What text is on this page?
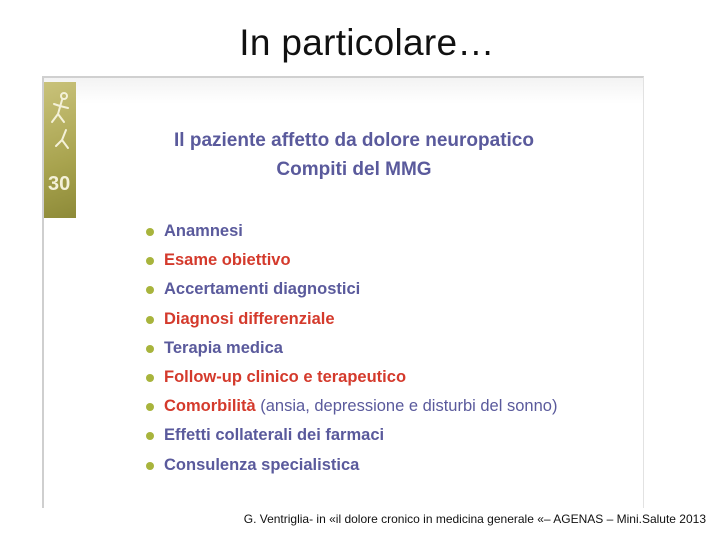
In particolare…
30
Il paziente affetto da dolore neuropatico
Compiti del MMG
Anamnesi
Esame obiettivo
Accertamenti diagnostici
Diagnosi differenziale
Terapia medica
Follow-up clinico e terapeutico
Comorbilità (ansia, depressione e disturbi del sonno)
Effetti collaterali dei farmaci
Consulenza specialistica
G. Ventriglia- in «il dolore cronico in medicina generale «– AGENAS – Mini.Salute 2013
